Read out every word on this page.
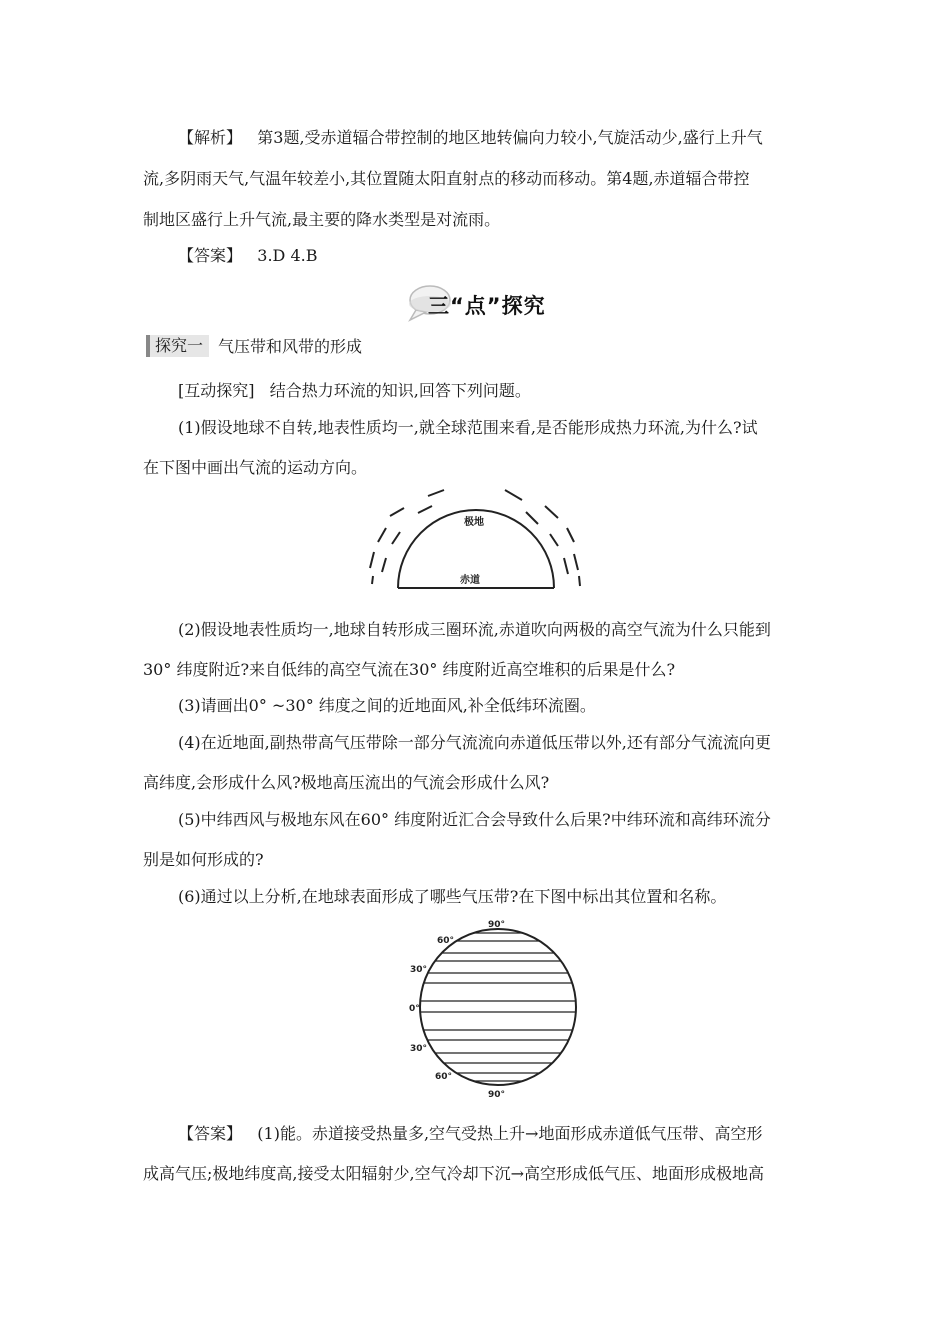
【解析】 第3题,受赤道辐合带控制的地区地转偏向力较小,气旋活动少,盛行上升气
流,多阴雨天气,气温年较差小,其位置随太阳直射点的移动而移动。第4题,赤道辐合带控
制地区盛行上升气流,最主要的降水类型是对流雨。
【答案】 3.D 4.B
三“点”探究
探究一 气压带和风带的形成
[互动探究] 结合热力环流的知识,回答下列问题。
(1)假设地球不自转,地表性质均一,就全球范围来看,是否能形成热力环流,为什么?试
在下图中画出气流的运动方向。
极地
赤道
(2)假设地表性质均一,地球自转形成三圈环流,赤道吹向两极的高空气流为什么只能到
30° 纬度附近?来自低纬的高空气流在30° 纬度附近高空堆积的后果是什么?
(3)请画出0° ~30° 纬度之间的近地面风,补全低纬环流圈。
(4)在近地面,副热带高气压带除一部分气流流向赤道低压带以外,还有部分气流流向更
高纬度,会形成什么风?极地高压流出的气流会形成什么风?
(5)中纬西风与极地东风在60° 纬度附近汇合会导致什么后果?中纬环流和高纬环流分
别是如何形成的?
(6)通过以上分析,在地球表面形成了哪些气压带?在下图中标出其位置和名称。
90°
60°
30°
0°
30°
60°
90°
【答案】 (1)能。赤道接受热量多,空气受热上升→地面形成赤道低气压带、高空形
成高气压;极地纬度高,接受太阳辐射少,空气冷却下沉→高空形成低气压、地面形成极地高
